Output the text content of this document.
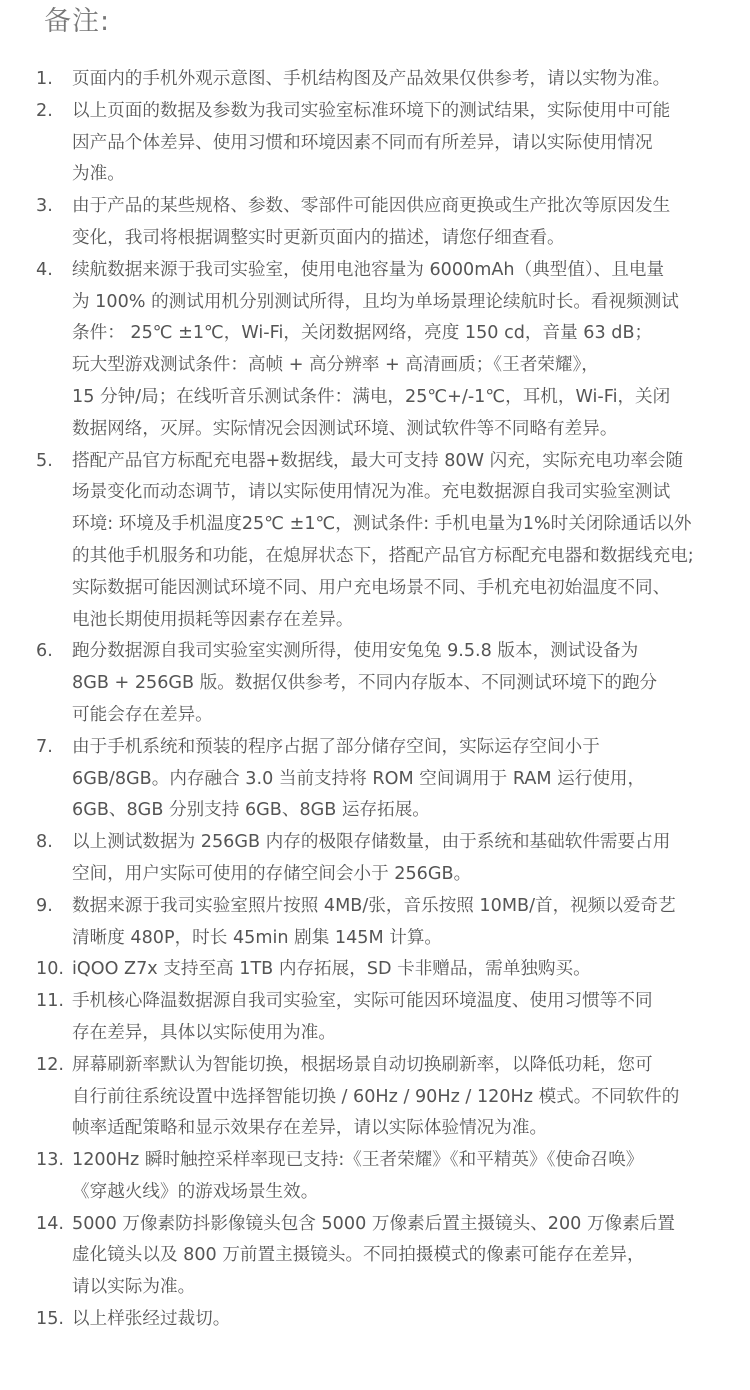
备注:
1.	页面内的手机外观示意图、手机结构图及产品效果仅供参考，请以实物为准。
2.	以上页面的数据及参数为我司实验室标准环境下的测试结果，实际使用中可能
因产品个体差异、使用习惯和环境因素不同而有所差异，请以实际使用情况
为准。
3.	由于产品的某些规格、参数、零部件可能因供应商更换或生产批次等原因发生
变化，我司将根据调整实时更新页面内的描述，请您仔细查看。
4.	续航数据来源于我司实验室，使用电池容量为 6000mAh（典型值）、且电量
为 100% 的测试用机分别测试所得，且均为单场景理论续航时长。看视频测试
条件： 25℃ ±1℃，Wi-Fi，关闭数据网络，亮度 150 cd，音量 63 dB；
玩大型游戏测试条件：高帧 + 高分辨率 + 高清画质；《王者荣耀》，
15 分钟/局；在线听音乐测试条件：满电，25℃+/-1℃，耳机，Wi-Fi，关闭
数据网络，灭屏。实际情况会因测试环境、测试软件等不同略有差异。
5.	搭配产品官方标配充电器+数据线，最大可支持 80W 闪充，实际充电功率会随
场景变化而动态调节，请以实际使用情况为准。充电数据源自我司实验室测试
环境: 环境及手机温度25℃ ±1℃，测试条件: 手机电量为1%时关闭除通话以外
的其他手机服务和功能，在熄屏状态下，搭配产品官方标配充电器和数据线充电;
实际数据可能因测试环境不同、用户充电场景不同、手机充电初始温度不同、
电池长期使用损耗等因素存在差异。
6.	跑分数据源自我司实验室实测所得，使用安兔兔 9.5.8 版本，测试设备为
8GB + 256GB 版。数据仅供参考，不同内存版本、不同测试环境下的跑分
可能会存在差异。
7.	由于手机系统和预装的程序占据了部分储存空间，实际运存空间小于
6GB/8GB。内存融合 3.0 当前支持将 ROM 空间调用于 RAM 运行使用，
6GB、8GB 分别支持 6GB、8GB 运存拓展。
8.	以上测试数据为 256GB 内存的极限存储数量，由于系统和基础软件需要占用
空间，用户实际可使用的存储空间会小于 256GB。
9.	数据来源于我司实验室照片按照 4MB/张，音乐按照 10MB/首，视频以爱奇艺
清晰度 480P，时长 45min 剧集 145M 计算。
10. iQOO Z7x 支持至高 1TB 内存拓展，SD 卡非赠品，需单独购买。
11. 手机核心降温数据源自我司实验室，实际可能因环境温度、使用习惯等不同
存在差异，具体以实际使用为准。
12. 屏幕刷新率默认为智能切换，根据场景自动切换刷新率，以降低功耗，您可
自行前往系统设置中选择智能切换 / 60Hz / 90Hz / 120Hz 模式。不同软件的
帧率适配策略和显示效果存在差异，请以实际体验情况为准。
13. 1200Hz 瞬时触控采样率现已支持:《王者荣耀》《和平精英》《使命召唤》
《穿越火线》的游戏场景生效。
14. 5000 万像素防抖影像镜头包含 5000 万像素后置主摄镜头、200 万像素后置
虚化镜头以及 800 万前置主摄镜头。不同拍摄模式的像素可能存在差异，
请以实际为准。
15. 以上样张经过裁切。
